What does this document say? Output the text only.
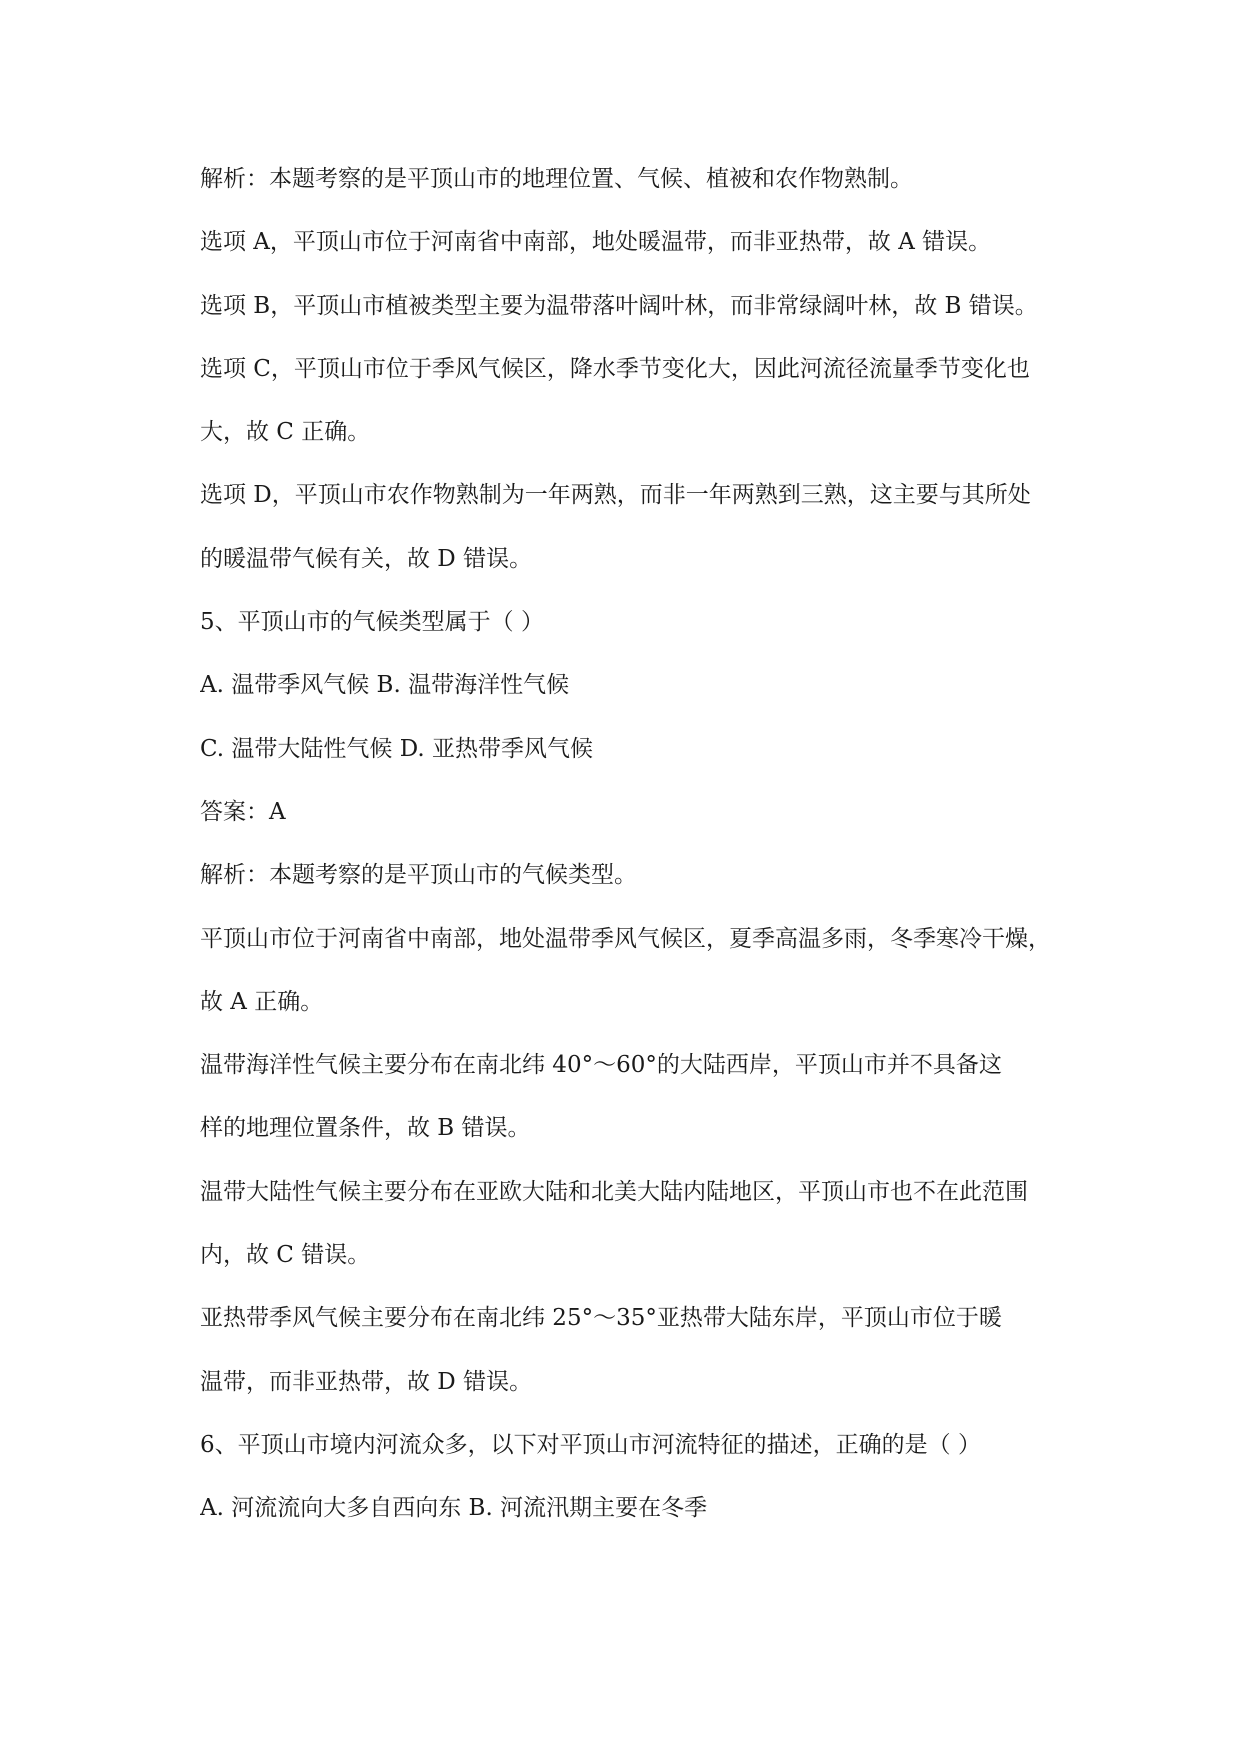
解析：本题考察的是平顶山市的地理位置、气候、植被和农作物熟制。
选项 A，平顶山市位于河南省中南部，地处暖温带，而非亚热带，故 A 错误。
选项 B，平顶山市植被类型主要为温带落叶阔叶林，而非常绿阔叶林，故 B 错误。
选项 C，平顶山市位于季风气候区，降水季节变化大，因此河流径流量季节变化也
大，故 C 正确。
选项 D，平顶山市农作物熟制为一年两熟，而非一年两熟到三熟，这主要与其所处
的暖温带气候有关，故 D 错误。
5、平顶山市的气候类型属于（ ）
A. 温带季风气候 B. 温带海洋性气候
C. 温带大陆性气候 D. 亚热带季风气候
答案：A
解析：本题考察的是平顶山市的气候类型。
平顶山市位于河南省中南部，地处温带季风气候区，夏季高温多雨，冬季寒冷干燥，
故 A 正确。
温带海洋性气候主要分布在南北纬 40°～60°的大陆西岸，平顶山市并不具备这
样的地理位置条件，故 B 错误。
温带大陆性气候主要分布在亚欧大陆和北美大陆内陆地区，平顶山市也不在此范围
内，故 C 错误。
亚热带季风气候主要分布在南北纬 25°～35°亚热带大陆东岸，平顶山市位于暖
温带，而非亚热带，故 D 错误。
6、平顶山市境内河流众多，以下对平顶山市河流特征的描述，正确的是（ ）
A. 河流流向大多自西向东 B. 河流汛期主要在冬季
